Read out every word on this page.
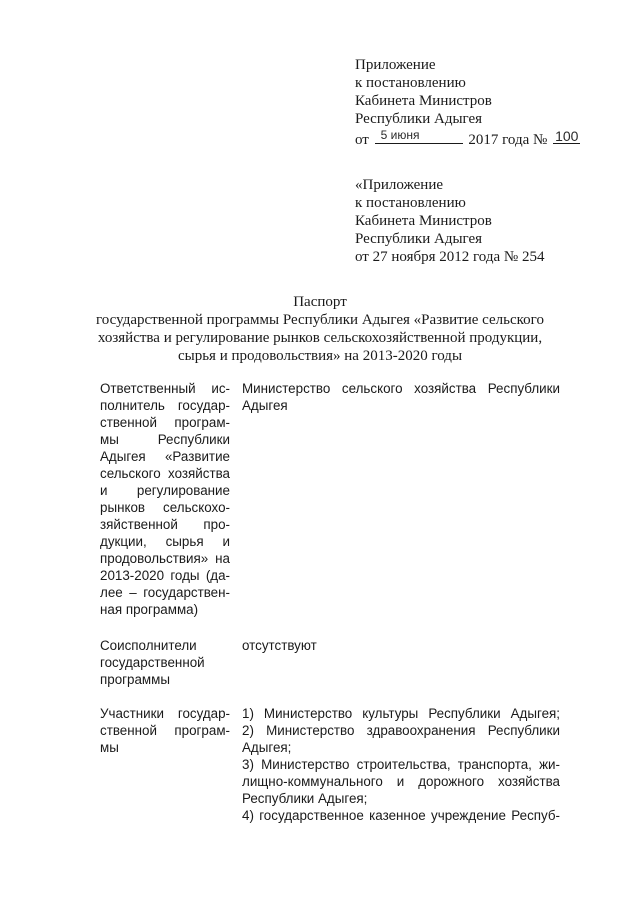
Приложение
к постановлению
Кабинета Министров
Республики Адыгея
от 5 июня	2017 года № 100
«Приложение
к постановлению
Кабинета Министров
Республики Адыгея
от 27 ноября 2012 года № 254
Паспорт
государственной программы Республики Адыгея «Развитие сельского
хозяйства и регулирование рынков сельскохозяйственной продукции,
сырья и продовольствия» на 2013-2020 годы
Ответственный ис-
полнитель государ-
ственной програм-
мы Республики
Адыгея «Развитие
сельского хозяйства
и регулирование
рынков сельскохо-
зяйственной про-
дукции, сырья и
продовольствия» на
2013-2020 годы (да-
лее – государствен-
ная программа)
Министерство сельского хозяйства Республики
Адыгея
Соисполнители
государственной
программы
отсутствуют
Участники государ-
ственной програм-
мы
1) Министерство культуры Республики Адыгея;
2) Министерство здравоохранения Республики
Адыгея;
3) Министерство строительства, транспорта, жи-
лищно-коммунального и дорожного хозяйства
Республики Адыгея;
4) государственное казенное учреждение Респуб-
